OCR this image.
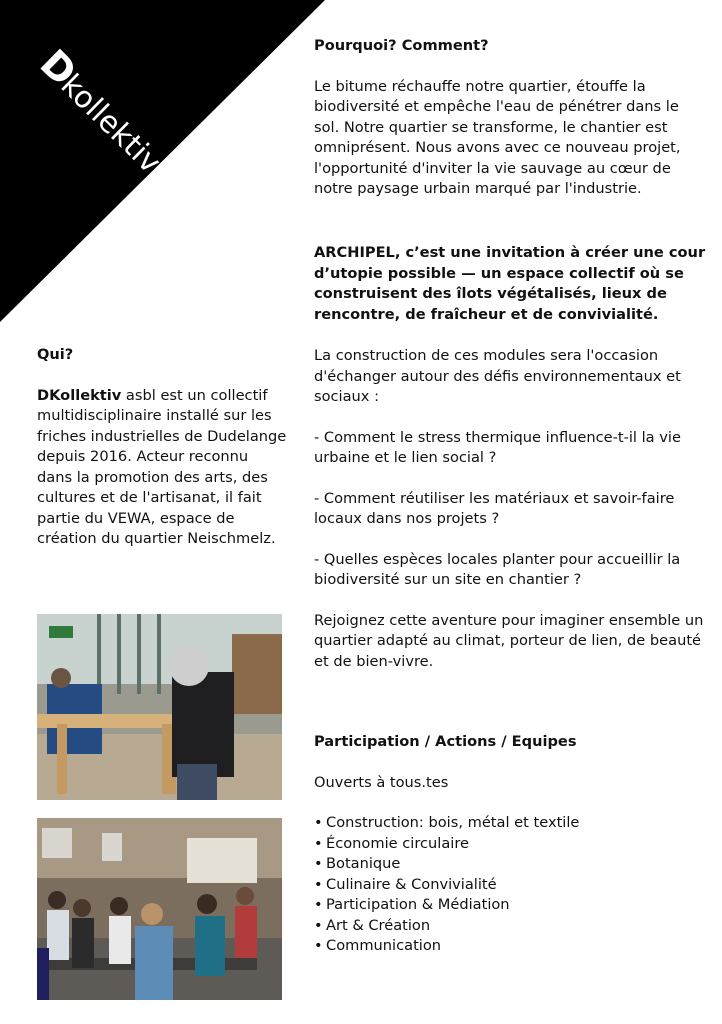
D
kollektiv

Pourquoi? Comment?

Le bitume réchauffe notre quartier, étouffe la biodiversité et empêche l'eau de pénétrer dans le sol. Notre quartier se transforme, le chantier est omniprésent. Nous avons avec ce nouveau projet, l'opportunité d'inviter la vie sauvage au cœur de notre paysage urbain marqué par l'industrie.

ARCHIPEL, c’est une invitation à créer une cour d’utopie possible — un espace collectif où se construisent des îlots végétalisés, lieux de rencontre, de fraîcheur et de convivialité.

La construction de ces modules sera l'occasion d'échanger autour des défis environnementaux et sociaux :

- Comment le stress thermique influence-t-il la vie urbaine et le lien social ?

- Comment réutiliser les matériaux et savoir-faire locaux dans nos projets ?

- Quelles espèces locales planter pour accueillir la biodiversité sur un site en chantier ?

Rejoignez cette aventure pour imaginer ensemble un quartier adapté au climat, porteur de lien, de beauté et de bien-vivre.

Participation / Actions / Equipes

Ouverts à tous.tes

• Construction: bois, métal et textile
• Économie circulaire
• Botanique
• Culinaire & Convivialité
• Participation & Médiation
• Art & Création
• Communication

Qui?

DKollektiv asbl est un collectif multidisciplinaire installé sur les friches industrielles de Dudelange depuis 2016. Acteur reconnu dans la promotion des arts, des cultures et de l'artisanat, il fait partie du VEWA, espace de création du quartier Neischmelz.
